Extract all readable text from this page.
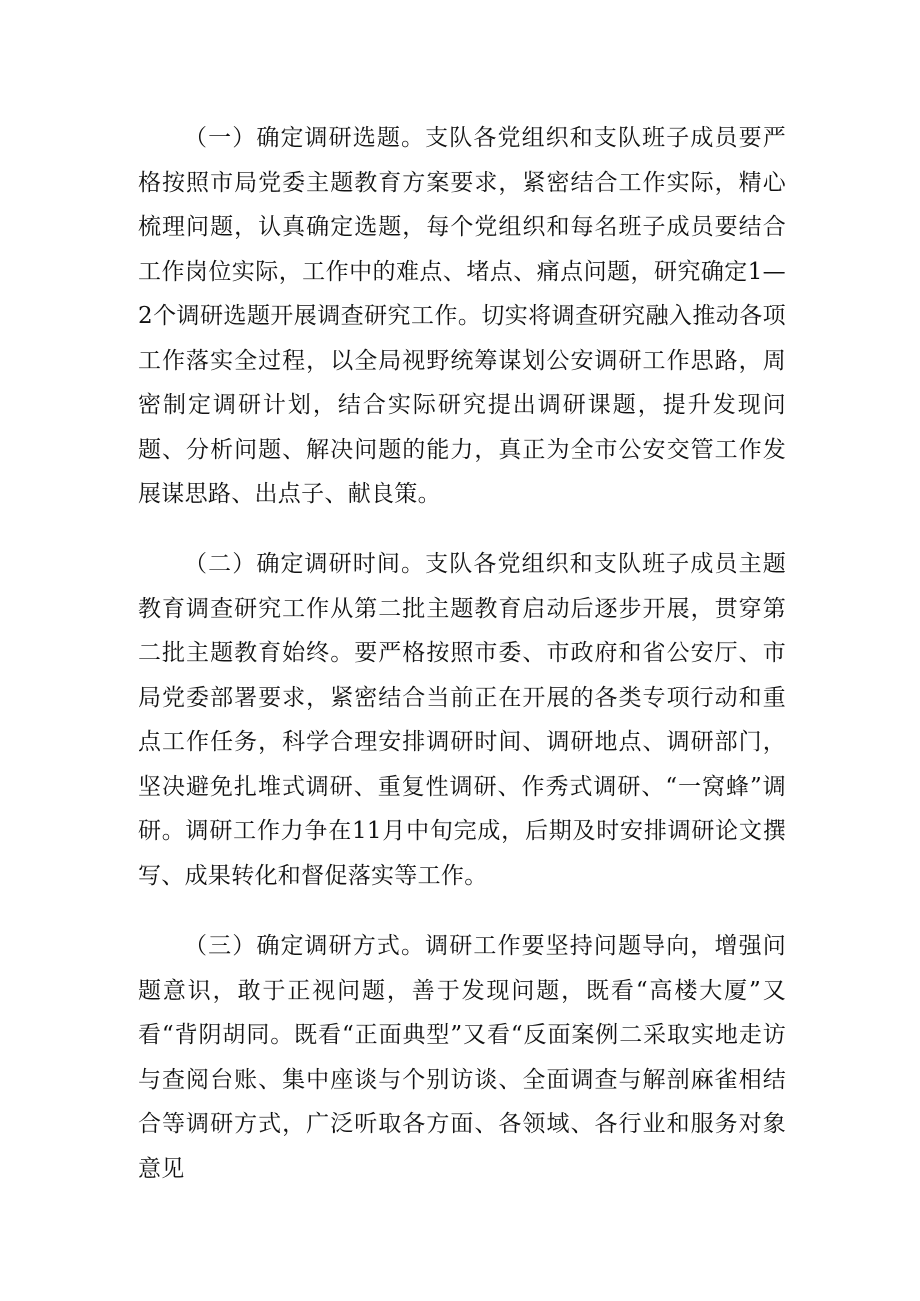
（一）确定调研选题。支队各党组织和支队班子成员要严格按照市局党委主题教育方案要求，紧密结合工作实际，精心梳理问题，认真确定选题，每个党组织和每名班子成员要结合工作岗位实际，工作中的难点、堵点、痛点问题，研究确定1—2个调研选题开展调查研究工作。切实将调查研究融入推动各项工作落实全过程，以全局视野统筹谋划公安调研工作思路，周密制定调研计划，结合实际研究提出调研课题，提升发现问题、分析问题、解决问题的能力，真正为全市公安交管工作发展谋思路、出点子、献良策。

（二）确定调研时间。支队各党组织和支队班子成员主题教育调查研究工作从第二批主题教育启动后逐步开展，贯穿第二批主题教育始终。要严格按照市委、市政府和省公安厅、市局党委部署要求，紧密结合当前正在开展的各类专项行动和重点工作任务，科学合理安排调研时间、调研地点、调研部门，坚决避免扎堆式调研、重复性调研、作秀式调研、“一窝蜂”调研。调研工作力争在11月中旬完成，后期及时安排调研论文撰写、成果转化和督促落实等工作。

（三）确定调研方式。调研工作要坚持问题导向，增强问题意识，敢于正视问题，善于发现问题，既看“高楼大厦”又看“背阴胡同。既看“正面典型”又看“反面案例二采取实地走访与查阅台账、集中座谈与个别访谈、全面调查与解剖麻雀相结合等调研方式，广泛听取各方面、各领域、各行业和服务对象意见
